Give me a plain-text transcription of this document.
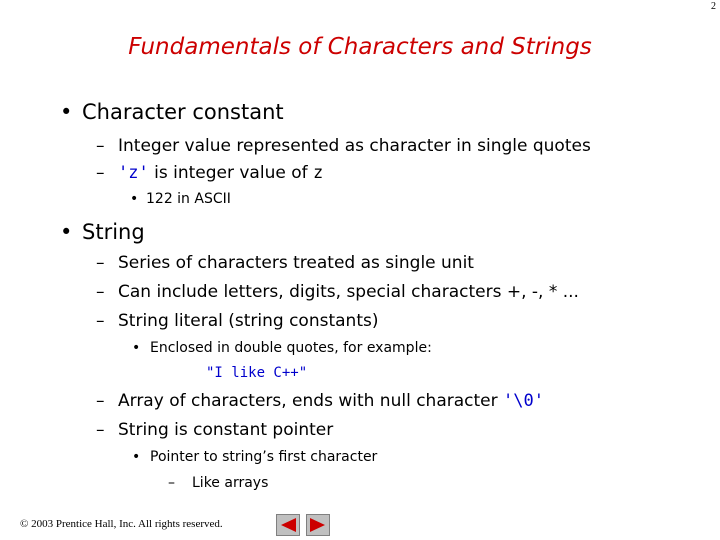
2
Fundamentals of Characters and Strings
• Character constant
– Integer value represented as character in single quotes
– 'z' is integer value of z
• 122 in ASCII
• String
– Series of characters treated as single unit
– Can include letters, digits, special characters +, -, * ...
– String literal (string constants)
• Enclosed in double quotes, for example:
"I like C++"
– Array of characters, ends with null character '\0'
– String is constant pointer
• Pointer to string’s first character
– Like arrays
© 2003 Prentice Hall, Inc. All rights reserved.
